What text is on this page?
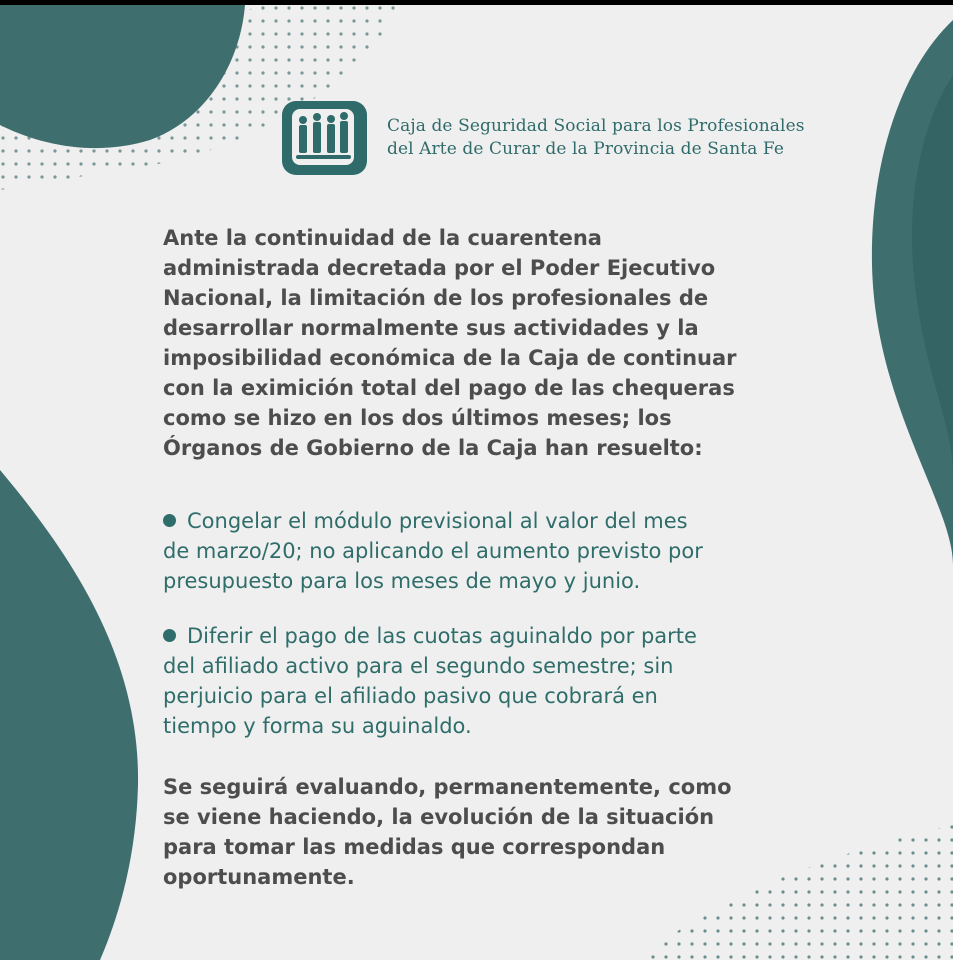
Caja de Seguridad Social para los Profesionales
del Arte de Curar de la Provincia de Santa Fe
Ante la continuidad de la cuarentena
administrada decretada por el Poder Ejecutivo
Nacional, la limitación de los profesionales de
desarrollar normalmente sus actividades y la
imposibilidad económica de la Caja de continuar
con la eximición total del pago de las chequeras
como se hizo en los dos últimos meses; los
Órganos de Gobierno de la Caja han resuelto:
Congelar el módulo previsional al valor del mes
de marzo/20; no aplicando el aumento previsto por
presupuesto para los meses de mayo y junio.
Diferir el pago de las cuotas aguinaldo por parte
del afiliado activo para el segundo semestre; sin
perjuicio para el afiliado pasivo que cobrará en
tiempo y forma su aguinaldo.
Se seguirá evaluando, permanentemente, como
se viene haciendo, la evolución de la situación
para tomar las medidas que correspondan
oportunamente.
